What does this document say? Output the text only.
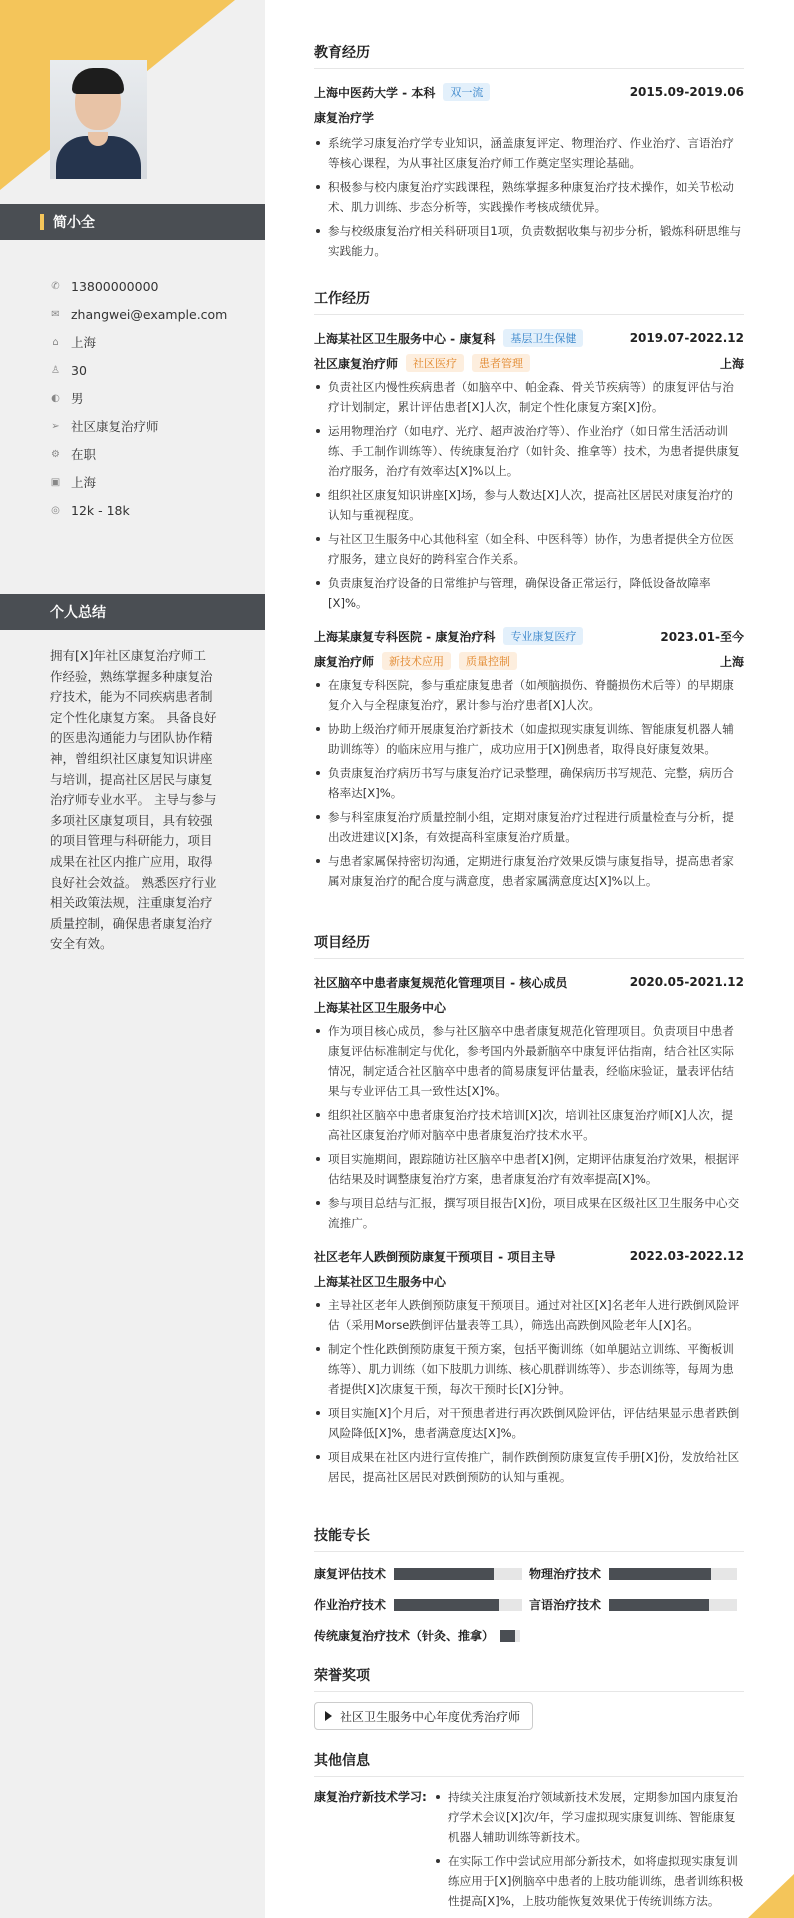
简小全
✆ 13800000000
✉ zhangwei@example.com
⌂ 上海
♙ 30
◐ 男
➢ 社区康复治疗师
⚙ 在职
▣ 上海
◎ 12k - 18k
个人总结
拥有[X]年社区康复治疗师工作经验，熟练掌握多种康复治疗技术，能为不同疾病患者制定个性化康复方案。 具备良好的医患沟通能力与团队协作精神，曾组织社区康复知识讲座与培训，提高社区居民与康复治疗师专业水平。 主导与参与多项社区康复项目，具有较强的项目管理与科研能力，项目成果在社区内推广应用，取得良好社会效益。 熟悉医疗行业相关政策法规，注重康复治疗质量控制，确保患者康复治疗安全有效。
教育经历
上海中医药大学 - 本科	双一流	2015.09-2019.06
康复治疗学
系统学习康复治疗学专业知识，涵盖康复评定、物理治疗、作业治疗、言语治疗等核心课程，为从事社区康复治疗师工作奠定坚实理论基础。
积极参与校内康复治疗实践课程，熟练掌握多种康复治疗技术操作，如关节松动术、肌力训练、步态分析等，实践操作考核成绩优异。
参与校级康复治疗相关科研项目1项，负责数据收集与初步分析，锻炼科研思维与实践能力。
工作经历
上海某社区卫生服务中心 - 康复科	基层卫生保健	2019.07-2022.12
社区康复治疗师	社区医疗	患者管理	上海
负责社区内慢性疾病患者（如脑卒中、帕金森、骨关节疾病等）的康复评估与治疗计划制定，累计评估患者[X]人次，制定个性化康复方案[X]份。
运用物理治疗（如电疗、光疗、超声波治疗等）、作业治疗（如日常生活活动训练、手工制作训练等）、传统康复治疗（如针灸、推拿等）技术，为患者提供康复治疗服务，治疗有效率达[X]%以上。
组织社区康复知识讲座[X]场，参与人数达[X]人次，提高社区居民对康复治疗的认知与重视程度。
与社区卫生服务中心其他科室（如全科、中医科等）协作，为患者提供全方位医疗服务，建立良好的跨科室合作关系。
负责康复治疗设备的日常维护与管理，确保设备正常运行，降低设备故障率[X]%。
上海某康复专科医院 - 康复治疗科	专业康复医疗	2023.01-至今
康复治疗师	新技术应用	质量控制	上海
在康复专科医院，参与重症康复患者（如颅脑损伤、脊髓损伤术后等）的早期康复介入与全程康复治疗，累计参与治疗患者[X]人次。
协助上级治疗师开展康复治疗新技术（如虚拟现实康复训练、智能康复机器人辅助训练等）的临床应用与推广，成功应用于[X]例患者，取得良好康复效果。
负责康复治疗病历书写与康复治疗记录整理，确保病历书写规范、完整，病历合格率达[X]%。
参与科室康复治疗质量控制小组，定期对康复治疗过程进行质量检查与分析，提出改进建议[X]条，有效提高科室康复治疗质量。
与患者家属保持密切沟通，定期进行康复治疗效果反馈与康复指导，提高患者家属对康复治疗的配合度与满意度，患者家属满意度达[X]%以上。
项目经历
社区脑卒中患者康复规范化管理项目 - 核心成员	2020.05-2021.12
上海某社区卫生服务中心
作为项目核心成员，参与社区脑卒中患者康复规范化管理项目。负责项目中患者康复评估标准制定与优化，参考国内外最新脑卒中康复评估指南，结合社区实际情况，制定适合社区脑卒中患者的简易康复评估量表，经临床验证，量表评估结果与专业评估工具一致性达[X]%。
组织社区脑卒中患者康复治疗技术培训[X]次，培训社区康复治疗师[X]人次，提高社区康复治疗师对脑卒中患者康复治疗技术水平。
项目实施期间，跟踪随访社区脑卒中患者[X]例，定期评估康复治疗效果，根据评估结果及时调整康复治疗方案，患者康复治疗有效率提高[X]%。
参与项目总结与汇报，撰写项目报告[X]份，项目成果在区级社区卫生服务中心交流推广。
社区老年人跌倒预防康复干预项目 - 项目主导	2022.03-2022.12
上海某社区卫生服务中心
主导社区老年人跌倒预防康复干预项目。通过对社区[X]名老年人进行跌倒风险评估（采用Morse跌倒评估量表等工具），筛选出高跌倒风险老年人[X]名。
制定个性化跌倒预防康复干预方案，包括平衡训练（如单腿站立训练、平衡板训练等）、肌力训练（如下肢肌力训练、核心肌群训练等）、步态训练等，每周为患者提供[X]次康复干预，每次干预时长[X]分钟。
项目实施[X]个月后，对干预患者进行再次跌倒风险评估，评估结果显示患者跌倒风险降低[X]%，患者满意度达[X]%。
项目成果在社区内进行宣传推广，制作跌倒预防康复宣传手册[X]份，发放给社区居民，提高社区居民对跌倒预防的认知与重视。
技能专长
康复评估技术	物理治疗技术
作业治疗技术	言语治疗技术
传统康复治疗技术（针灸、推拿）
荣誉奖项
社区卫生服务中心年度优秀治疗师
其他信息
康复治疗新技术学习:	持续关注康复治疗领域新技术发展，定期参加国内康复治疗学术会议[X]次/年，学习虚拟现实康复训练、智能康复机器人辅助训练等新技术。
在实际工作中尝试应用部分新技术，如将虚拟现实康复训练应用于[X]例脑卒中患者的上肢功能训练，患者训练积极性提高[X]%，上肢功能恢复效果优于传统训练方法。
